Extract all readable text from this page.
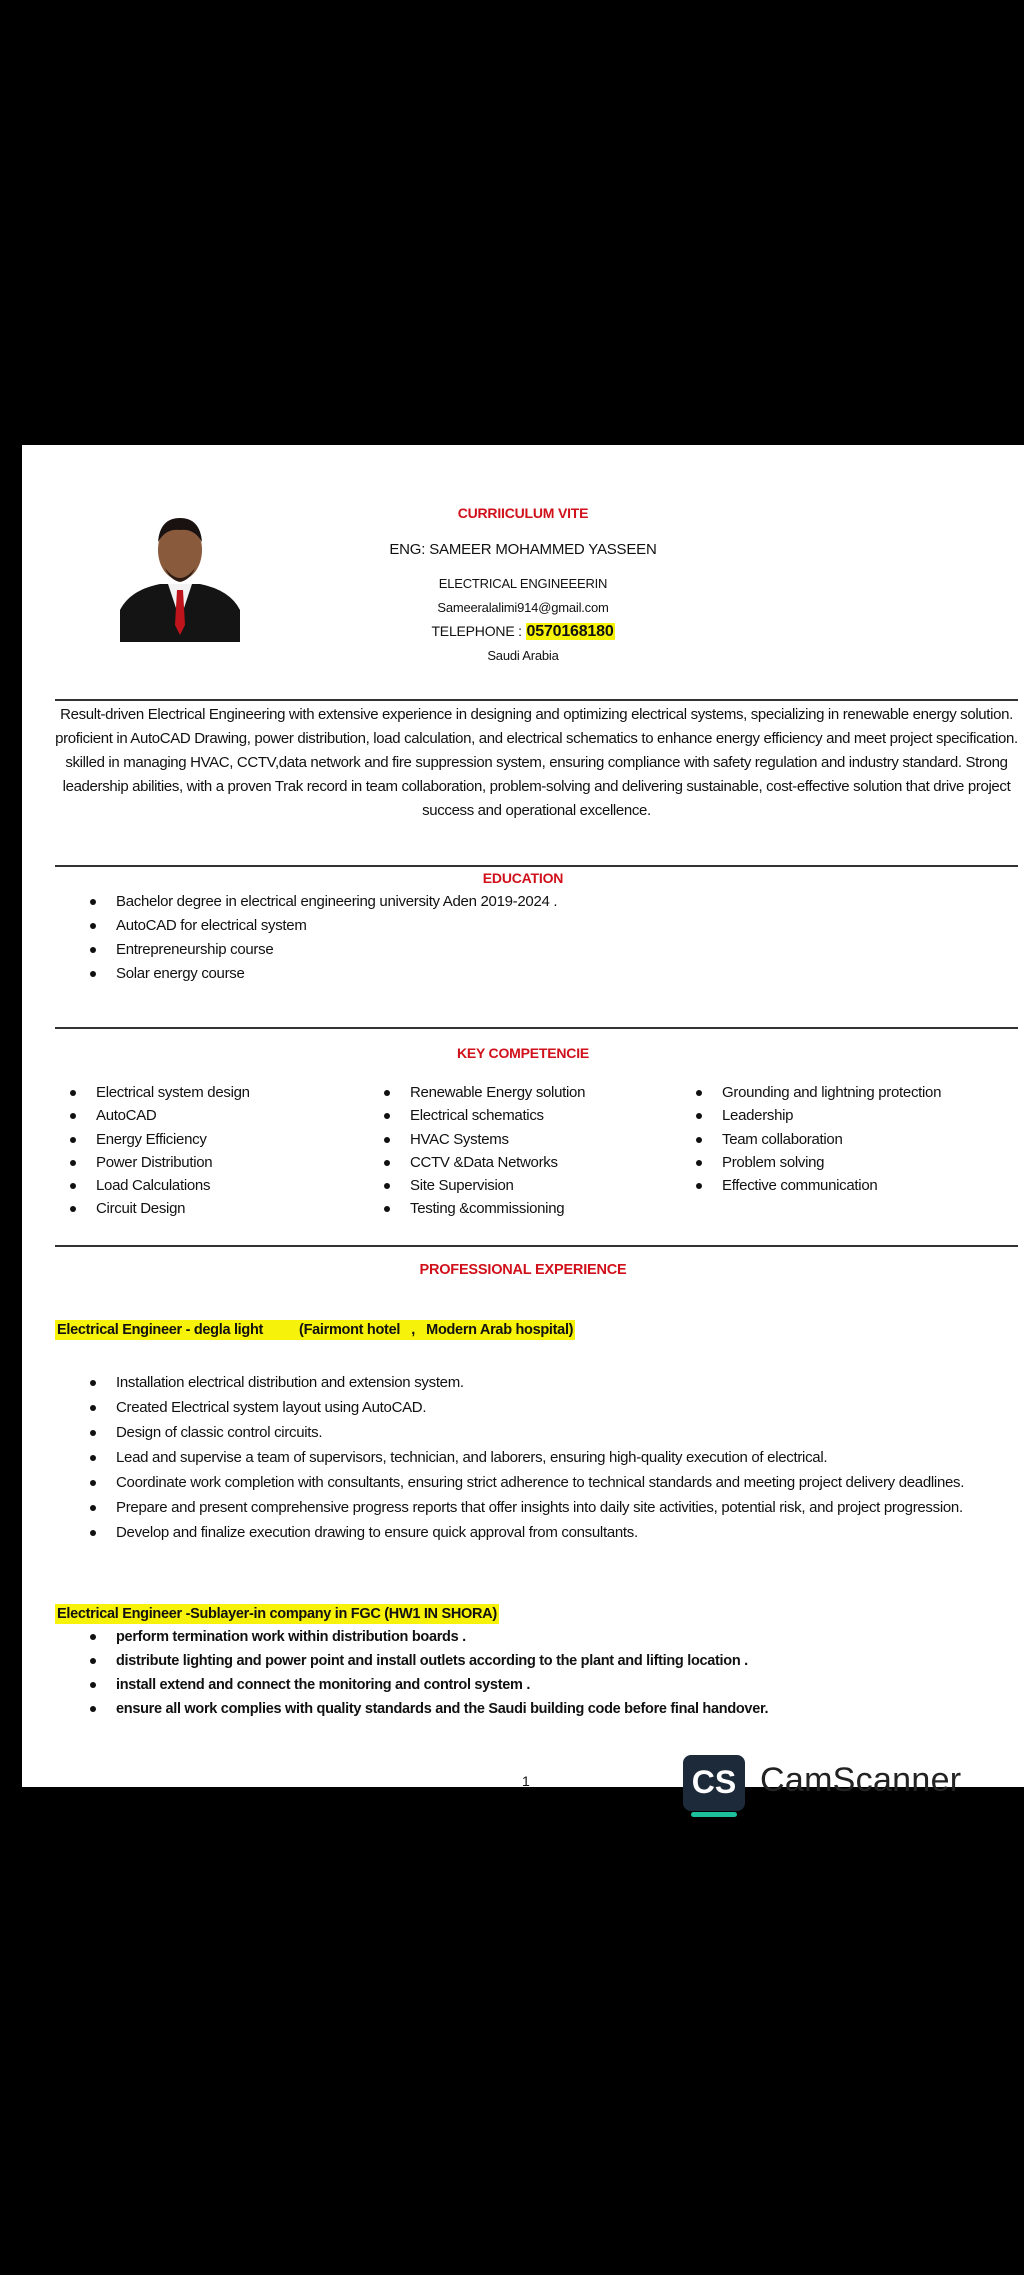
CURRIICULUM VITE
ENG: SAMEER MOHAMMED YASSEEN
ELECTRICAL ENGINEEERIN
Sameeralalimi914@gmail.com
TELEPHONE : 0570168180
Saudi Arabia
Result-driven Electrical Engineering with extensive experience in designing and optimizing electrical systems, specializing in renewable energy solution. proficient in AutoCAD Drawing, power distribution, load calculation, and electrical schematics to enhance energy efficiency and meet project specification. skilled in managing HVAC, CCTV,data network and fire suppression system, ensuring compliance with safety regulation and industry standard. Strong leadership abilities, with a proven Trak record in team collaboration, problem-solving and delivering sustainable, cost-effective solution that drive project success and operational excellence.
EDUCATION
Bachelor degree in electrical engineering university Aden 2019-2024 .
AutoCAD for electrical system
Entrepreneurship course
Solar energy course
KEY COMPETENCIE
Electrical system design
AutoCAD
Energy Efficiency
Power Distribution
Load Calculations
Circuit Design
Renewable Energy solution
Electrical schematics
HVAC Systems
CCTV &Data Networks
Site Supervision
Testing &commissioning
Grounding and lightning protection
Leadership
Team collaboration
Problem solving
Effective communication
PROFESSIONAL EXPERIENCE
Electrical Engineer - degla light (Fairmont hotel   ,   Modern Arab hospital)
Installation electrical distribution and extension system.
Created Electrical system layout using AutoCAD.
Design of classic control circuits.
Lead and supervise a team of supervisors, technician, and laborers, ensuring high-quality execution of electrical.
Coordinate work completion with consultants, ensuring strict adherence to technical standards and meeting project delivery deadlines.
Prepare and present comprehensive progress reports that offer insights into daily site activities, potential risk, and project progression.
Develop and finalize execution drawing to ensure quick approval from consultants.
Electrical Engineer -Sublayer-in company in FGC (HW1 IN SHORA)
perform termination work within distribution boards .
distribute lighting and power point and install outlets according to the plant and lifting location .
install extend and connect the monitoring and control system .
ensure all work complies with quality standards and the Saudi building code before final handover.
1	CS CamScanner
